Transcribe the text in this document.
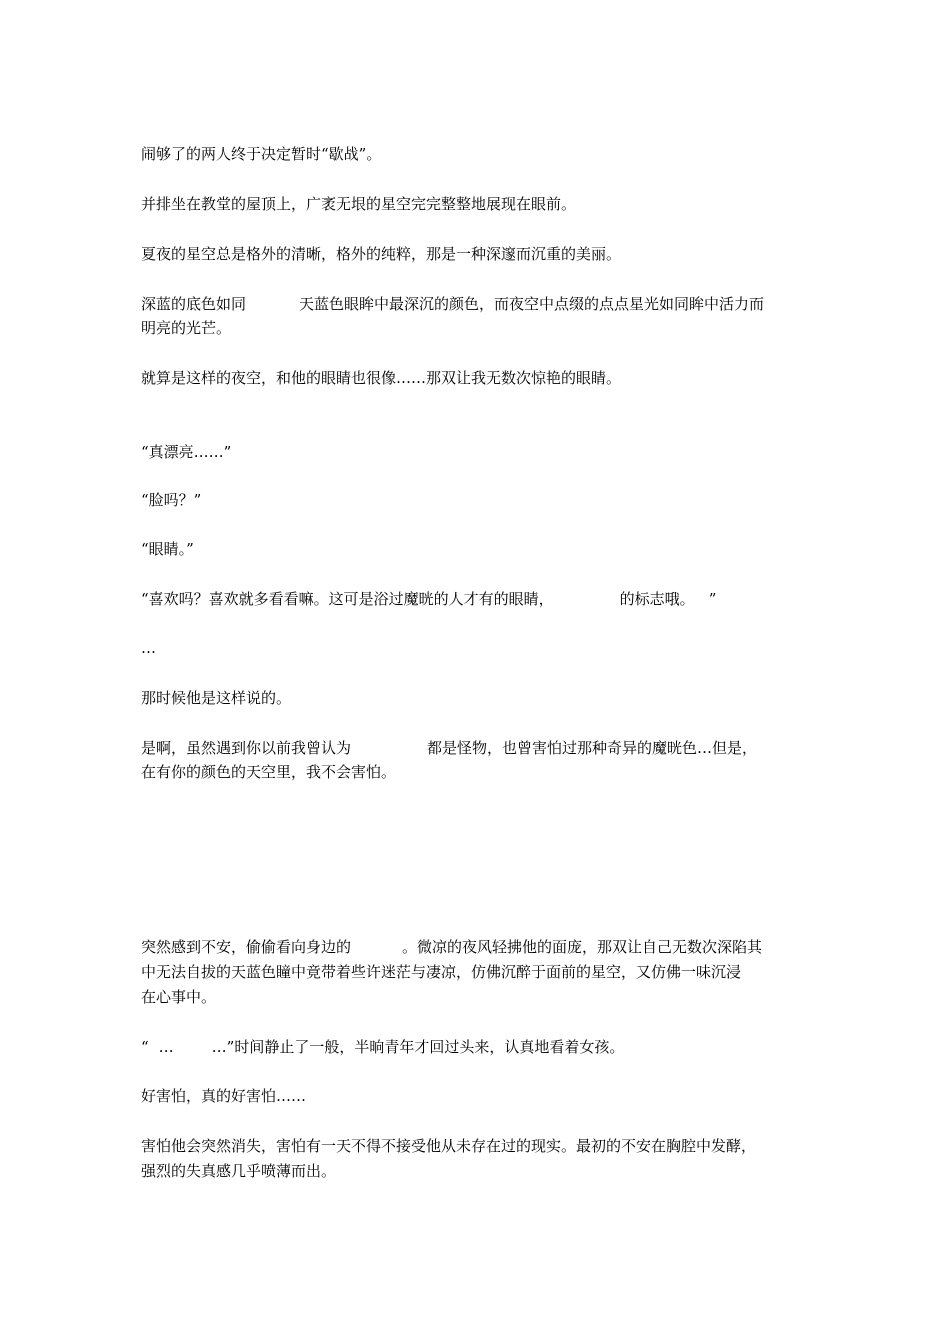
闹够了的两人终于决定暂时“歇战”。
并排坐在教堂的屋顶上，广袤无垠的星空完完整整地展现在眼前。
夏夜的星空总是格外的清晰，格外的纯粹，那是一种深邃而沉重的美丽。
深蓝的底色如同	天蓝色眼眸中最深沉的颜色，而夜空中点缀的点点星光如同眸中活力而
明亮的光芒。
就算是这样的夜空，和他的眼睛也很像……那双让我无数次惊艳的眼睛。
“真漂亮……”
“脸吗？”
“眼睛。”
“喜欢吗？喜欢就多看看嘛。这可是浴过魔晄的人才有的眼睛，	的标志哦。 ”
…
那时候他是这样说的。
是啊，虽然遇到你以前我曾认为	都是怪物，也曾害怕过那种奇异的魔晄色…但是，
在有你的颜色的天空里，我不会害怕。
突然感到不安，偷偷看向身边的	。微凉的夜风轻拂他的面庞，那双让自己无数次深陷其
中无法自拔的天蓝色瞳中竟带着些许迷茫与凄凉，仿佛沉醉于面前的星空，又仿佛一味沉浸
在心事中。
“ …	…”时间静止了一般，半晌青年才回过头来，认真地看着女孩。
好害怕，真的好害怕……
害怕他会突然消失，害怕有一天不得不接受他从未存在过的现实。最初的不安在胸腔中发酵，
强烈的失真感几乎喷薄而出。
